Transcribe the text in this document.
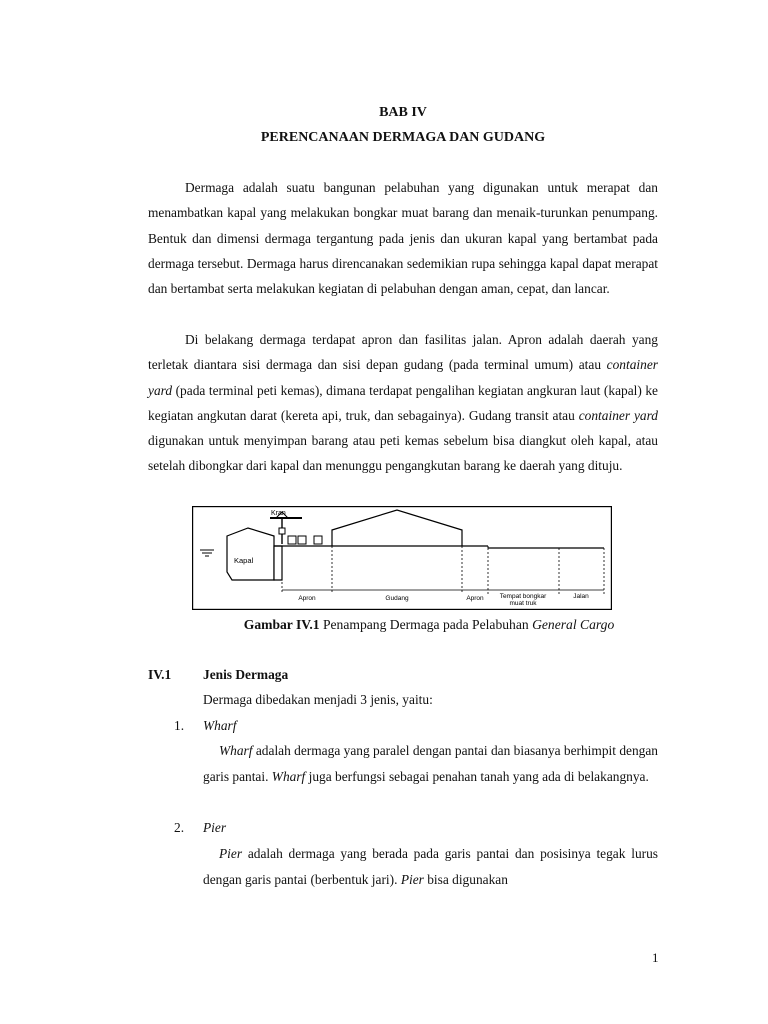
BAB IV
PERENCANAAN DERMAGA DAN GUDANG

Dermaga adalah suatu bangunan pelabuhan yang digunakan untuk merapat dan menambatkan kapal yang melakukan bongkar muat barang dan menaik-turunkan penumpang. Bentuk dan dimensi dermaga tergantung pada jenis dan ukuran kapal yang bertambat pada dermaga tersebut. Dermaga harus direncanakan sedemikian rupa sehingga kapal dapat merapat dan bertambat serta melakukan kegiatan di pelabuhan dengan aman, cepat, dan lancar.

Di belakang dermaga terdapat apron dan fasilitas jalan. Apron adalah daerah yang terletak diantara sisi dermaga dan sisi depan gudang (pada terminal umum) atau container yard (pada terminal peti kemas), dimana terdapat pengalihan kegiatan angkuran laut (kapal) ke kegiatan angkutan darat (kereta api, truk, dan sebagainya). Gudang transit atau container yard digunakan untuk menyimpan barang atau peti kemas sebelum bisa diangkut oleh kapal, atau setelah dibongkar dari kapal dan menunggu pengangkutan barang ke daerah yang dituju.

Kapal
Kran
Apron	Gudang	Apron Tempat bongkar
muat truk
Jalan
Gambar IV.1 Penampang Dermaga pada Pelabuhan General Cargo
IV.1 Jenis Dermaga
Dermaga dibedakan menjadi 3 jenis, yaitu:
1. Wharf

Wharf adalah dermaga yang paralel dengan pantai dan biasanya berhimpit dengan garis pantai. Wharf juga berfungsi sebagai penahan tanah yang ada di belakangnya.

2. Pier

Pier adalah dermaga yang berada pada garis pantai dan posisinya tegak lurus dengan garis pantai (berbentuk jari). Pier bisa digunakan

1
